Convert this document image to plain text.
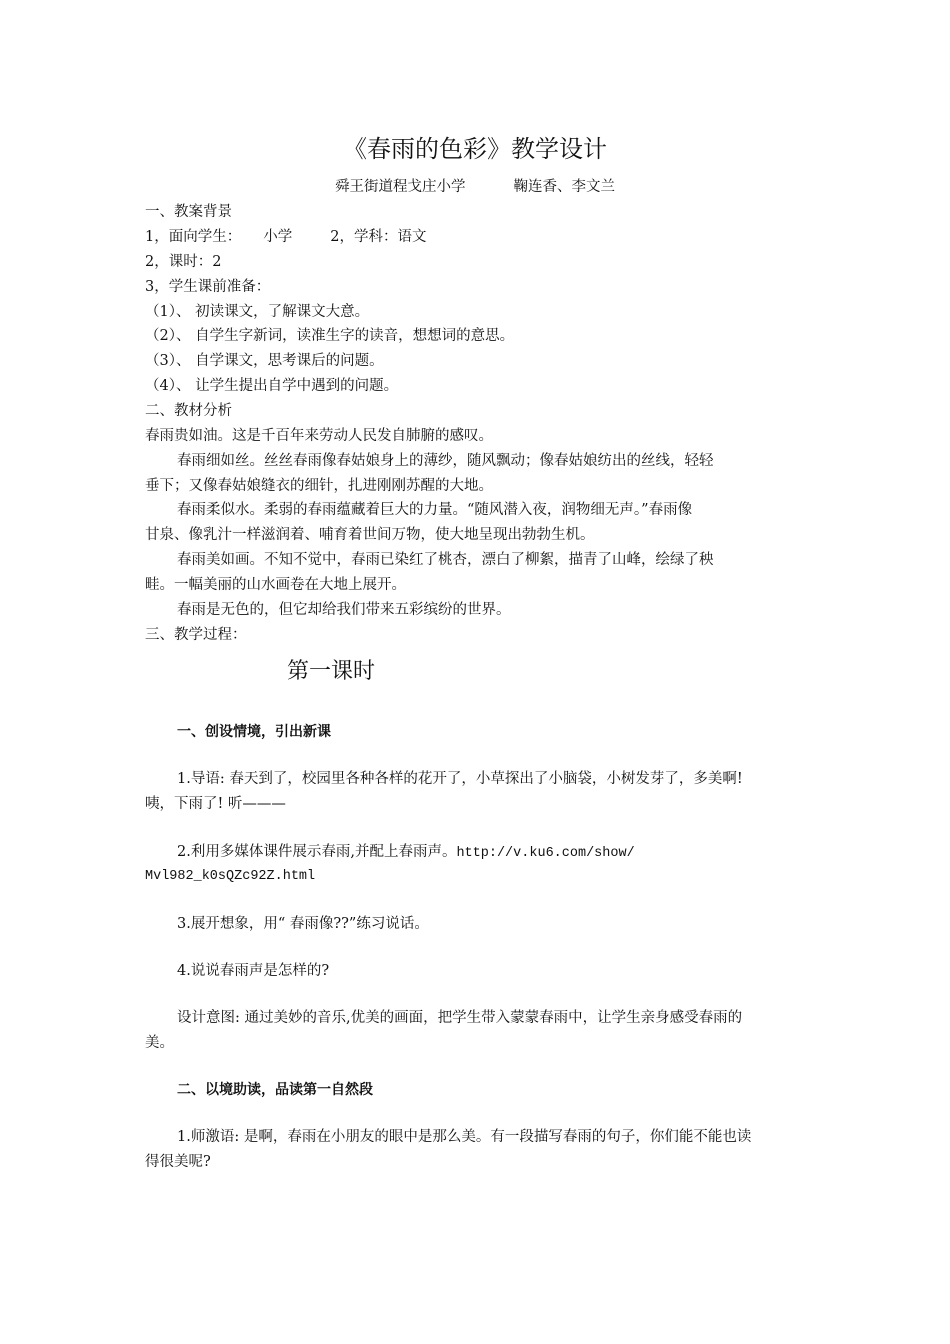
《春雨的色彩》教学设计
舜王街道程戈庄小学	鞠连香、李文兰
一、教案背景
1，面向学生： 小学	2，学科：语文
2，课时：2
3，学生课前准备：
（1）、 初读课文，了解课文大意。
（2）、 自学生字新词，读准生字的读音，想想词的意思。
（3）、 自学课文，思考课后的问题。
（4）、 让学生提出自学中遇到的问题。
二、教材分析
春雨贵如油。这是千百年来劳动人民发自肺腑的感叹。
春雨细如丝。丝丝春雨像春姑娘身上的薄纱，随风飘动；像春姑娘纺出的丝线，轻轻
垂下；又像春姑娘缝衣的细针，扎进刚刚苏醒的大地。
春雨柔似水。柔弱的春雨蕴藏着巨大的力量。“随风潜入夜，润物细无声。”春雨像
甘泉、像乳汁一样滋润着、哺育着世间万物，使大地呈现出勃勃生机。
春雨美如画。不知不觉中，春雨已染红了桃杏，漂白了柳絮，描青了山峰，绘绿了秧
畦。一幅美丽的山水画卷在大地上展开。
春雨是无色的，但它却给我们带来五彩缤纷的世界。
三、教学过程：
第一课时
一、创设情境，引出新课
1.导语: 春天到了，校园里各种各样的花开了，小草探出了小脑袋，小树发芽了，多美啊!
咦，下雨了! 听———
2.利用多媒体课件展示春雨,并配上春雨声。http://v.ku6.com/show/
Mvl982_k0sQZc92Z.html
3.展开想象，用“ 春雨像??”练习说话。
4.说说春雨声是怎样的?
设计意图: 通过美妙的音乐,优美的画面，把学生带入蒙蒙春雨中，让学生亲身感受春雨的
美。
二、以境助读，品读第一自然段
1.师激语: 是啊，春雨在小朋友的眼中是那么美。有一段描写春雨的句子，你们能不能也读
得很美呢?
